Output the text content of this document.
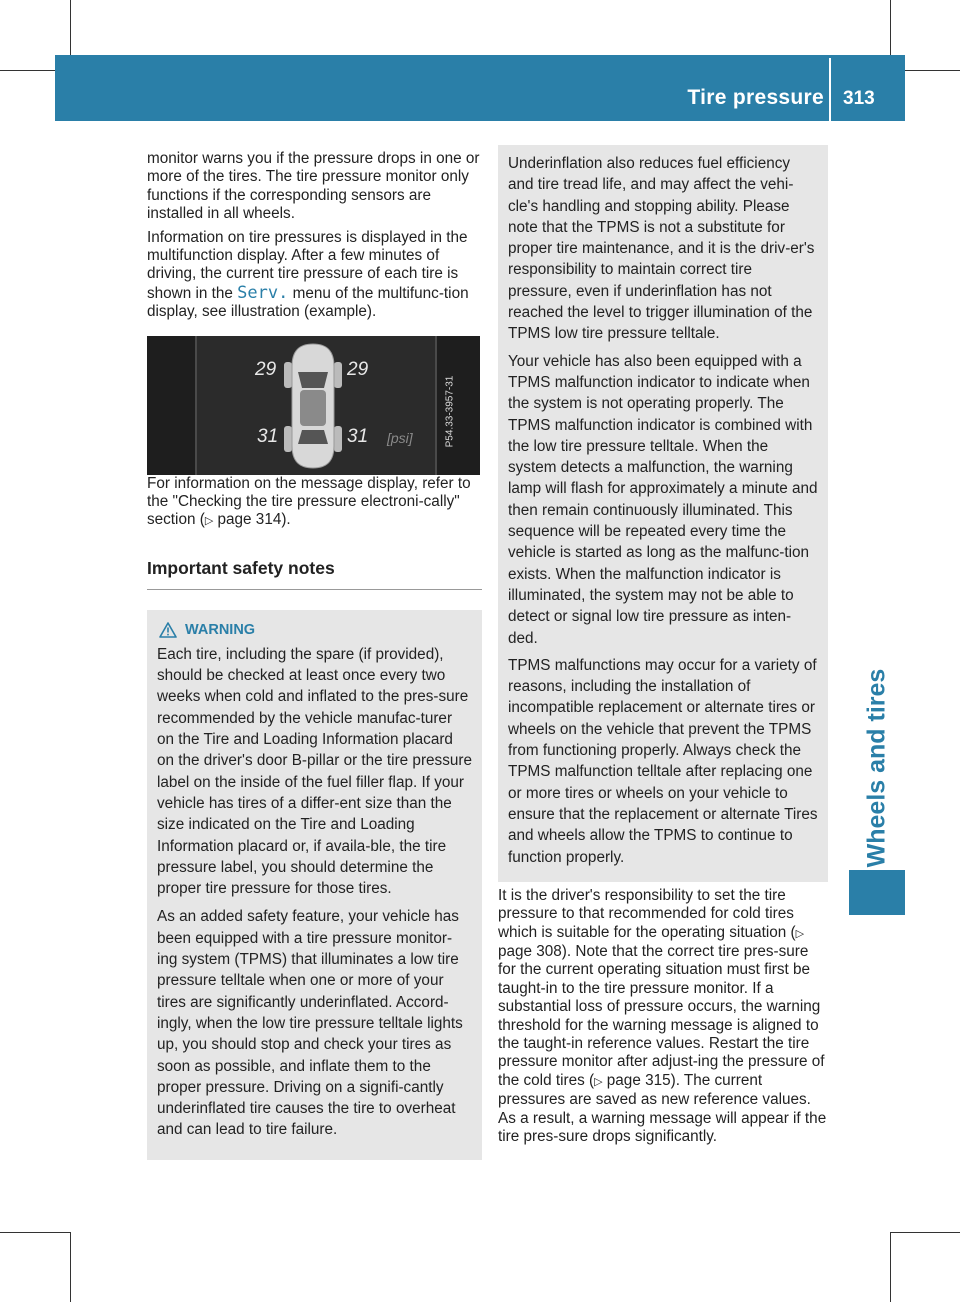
Tire pressure 313
Wheels and tires

monitor warns you if the pressure drops in one or more of the tires. The tire pressure monitor only functions if the corresponding sensors are installed in all wheels.

Information on tire pressures is displayed in the multifunction display. After a few minutes of driving, the current tire pressure of each tire is shown in the Serv. menu of the multifunc-tion display, see illustration (example).

29	29
31	31 [psi]	P54.33-3957-31

For information on the message display, refer to the "Checking the tire pressure electroni-cally" section (▷ page 314).

Important safety notes
WARNING

Each tire, including the spare (if provided), should be checked at least once every two weeks when cold and inflated to the pres-sure recommended by the vehicle manufac-turer on the Tire and Loading Information placard on the driver's door B-pillar or the tire pressure label on the inside of the fuel filler flap. If your vehicle has tires of a differ-ent size than the size indicated on the Tire and Loading Information placard or, if availa-ble, the tire pressure label, you should determine the proper tire pressure for those tires.

As an added safety feature, your vehicle has been equipped with a tire pressure monitor-ing system (TPMS) that illuminates a low tire pressure telltale when one or more of your tires are significantly underinflated. Accord-ingly, when the low tire pressure telltale lights up, you should stop and check your tires as soon as possible, and inflate them to the proper pressure. Driving on a signifi-cantly underinflated tire causes the tire to overheat and can lead to tire failure.

Underinflation also reduces fuel efficiency and tire tread life, and may affect the vehi-cle's handling and stopping ability. Please note that the TPMS is not a substitute for proper tire maintenance, and it is the driv-er's responsibility to maintain correct tire pressure, even if underinflation has not reached the level to trigger illumination of the TPMS low tire pressure telltale.

Your vehicle has also been equipped with a TPMS malfunction indicator to indicate when the system is not operating properly. The TPMS malfunction indicator is combined with the low tire pressure telltale. When the system detects a malfunction, the warning lamp will flash for approximately a minute and then remain continuously illuminated. This sequence will be repeated every time the vehicle is started as long as the malfunc-tion exists. When the malfunction indicator is illuminated, the system may not be able to detect or signal low tire pressure as inten-ded.

TPMS malfunctions may occur for a variety of reasons, including the installation of incompatible replacement or alternate tires or wheels on the vehicle that prevent the TPMS from functioning properly. Always check the TPMS malfunction telltale after replacing one or more tires or wheels on your vehicle to ensure that the replacement or alternate Tires and wheels allow the TPMS to continue to function properly.

It is the driver's responsibility to set the tire pressure to that recommended for cold tires which is suitable for the operating situation (▷ page 308). Note that the correct tire pres-sure for the current operating situation must first be taught-in to the tire pressure monitor. If a substantial loss of pressure occurs, the warning threshold for the warning message is aligned to the taught-in reference values. Restart the tire pressure monitor after adjust-ing the pressure of the cold tires (▷ page 315). The current pressures are saved as new reference values. As a result, a warning message will appear if the tire pres-sure drops significantly.
